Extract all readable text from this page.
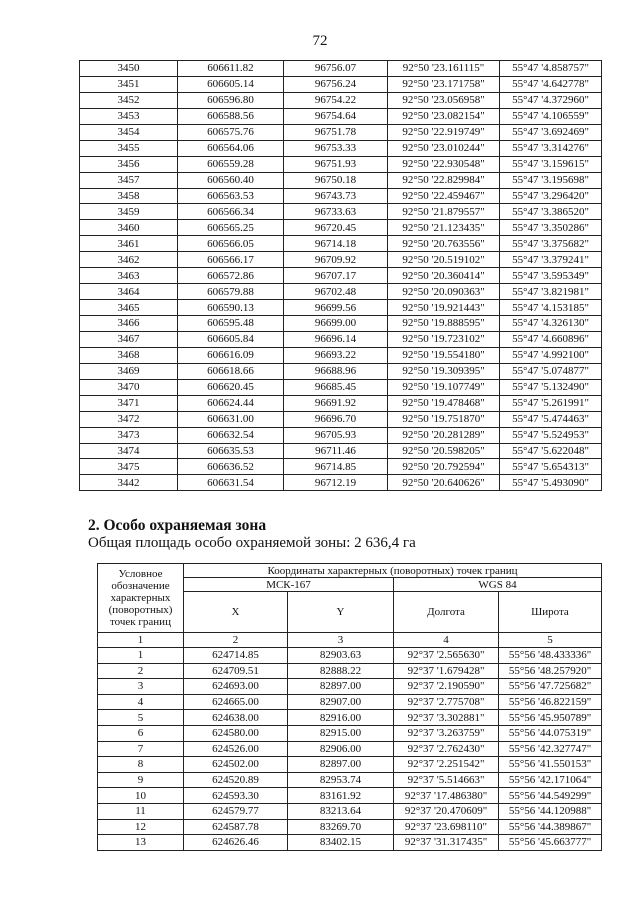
72
3450	606611.82	96756.07	92°50 '23.161115"	55°47 '4.858757"
3451	606605.14	96756.24	92°50 '23.171758"	55°47 '4.642778"
3452	606596.80	96754.22	92°50 '23.056958"	55°47 '4.372960"
3453	606588.56	96754.64	92°50 '23.082154"	55°47 '4.106559"
3454	606575.76	96751.78	92°50 '22.919749"	55°47 '3.692469"
3455	606564.06	96753.33	92°50 '23.010244"	55°47 '3.314276"
3456	606559.28	96751.93	92°50 '22.930548"	55°47 '3.159615"
3457	606560.40	96750.18	92°50 '22.829984"	55°47 '3.195698"
3458	606563.53	96743.73	92°50 '22.459467"	55°47 '3.296420"
3459	606566.34	96733.63	92°50 '21.879557"	55°47 '3.386520"
3460	606565.25	96720.45	92°50 '21.123435"	55°47 '3.350286"
3461	606566.05	96714.18	92°50 '20.763556"	55°47 '3.375682"
3462	606566.17	96709.92	92°50 '20.519102"	55°47 '3.379241"
3463	606572.86	96707.17	92°50 '20.360414"	55°47 '3.595349"
3464	606579.88	96702.48	92°50 '20.090363"	55°47 '3.821981"
3465	606590.13	96699.56	92°50 '19.921443"	55°47 '4.153185"
3466	606595.48	96699.00	92°50 '19.888595"	55°47 '4.326130"
3467	606605.84	96696.14	92°50 '19.723102"	55°47 '4.660896"
3468	606616.09	96693.22	92°50 '19.554180"	55°47 '4.992100"
3469	606618.66	96688.96	92°50 '19.309395"	55°47 '5.074877"
3470	606620.45	96685.45	92°50 '19.107749"	55°47 '5.132490"
3471	606624.44	96691.92	92°50 '19.478468"	55°47 '5.261991"
3472	606631.00	96696.70	92°50 '19.751870"	55°47 '5.474463"
3473	606632.54	96705.93	92°50 '20.281289"	55°47 '5.524953"
3474	606635.53	96711.46	92°50 '20.598205"	55°47 '5.622048"
3475	606636.52	96714.85	92°50 '20.792594"	55°47 '5.654313"
3442	606631.54	96712.19	92°50 '20.640626"	55°47 '5.493090"
2. Особо охраняемая зона
Общая площадь особо охраняемой зоны: 2 636,4 га
Условное обозначение характерных (поворотных) точек границ	Координаты характерных (поворотных) точек границ			
	МСК-167		WGS 84	
	X	Y	Долгота	Широта
1	2	3	4	5
1	624714.85	82903.63	92°37 '2.565630"	55°56 '48.433336"
2	624709.51	82888.22	92°37 '1.679428"	55°56 '48.257920"
3	624693.00	82897.00	92°37 '2.190590"	55°56 '47.725682"
4	624665.00	82907.00	92°37 '2.775708"	55°56 '46.822159"
5	624638.00	82916.00	92°37 '3.302881"	55°56 '45.950789"
6	624580.00	82915.00	92°37 '3.263759"	55°56 '44.075319"
7	624526.00	82906.00	92°37 '2.762430"	55°56 '42.327747"
8	624502.00	82897.00	92°37 '2.251542"	55°56 '41.550153"
9	624520.89	82953.74	92°37 '5.514663"	55°56 '42.171064"
10	624593.30	83161.92	92°37 '17.486380"	55°56 '44.549299"
11	624579.77	83213.64	92°37 '20.470609"	55°56 '44.120988"
12	624587.78	83269.70	92°37 '23.698110"	55°56 '44.389867"
13	624626.46	83402.15	92°37 '31.317435"	55°56 '45.663777"
